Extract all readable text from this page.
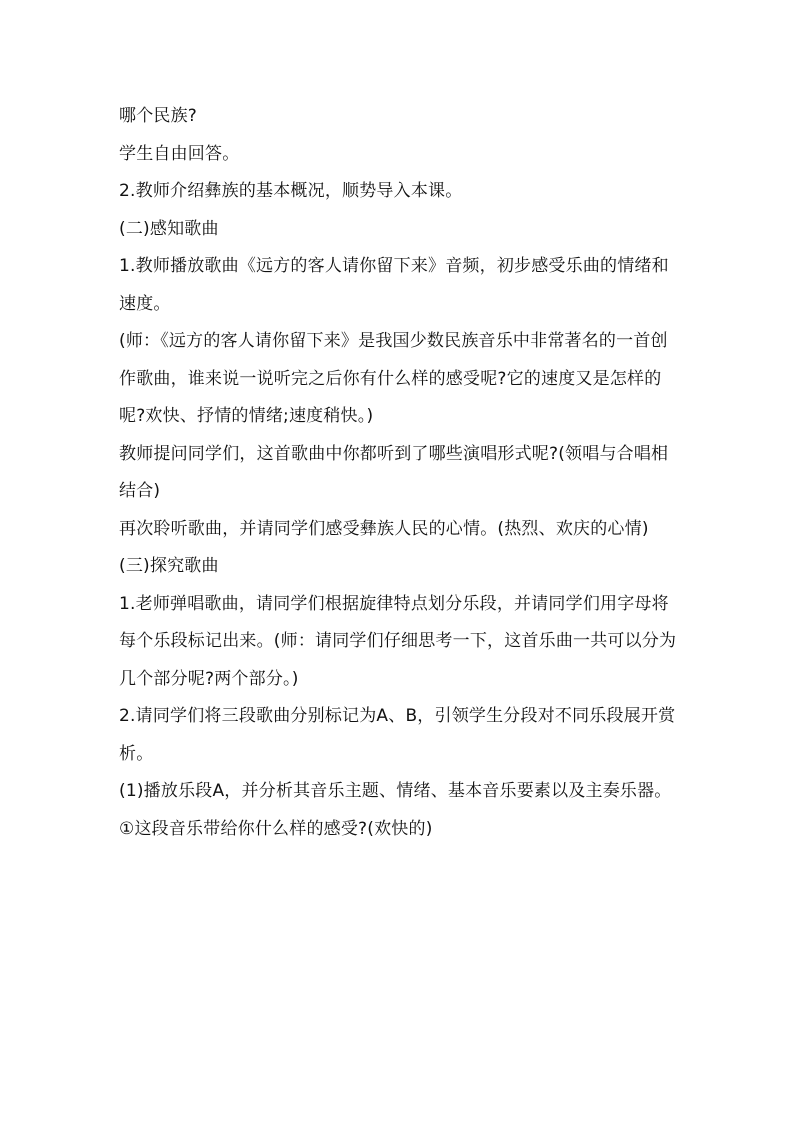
哪个民族?

学生自由回答。

2.教师介绍彝族的基本概况，顺势导入本课。

(二)感知歌曲

1.教师播放歌曲《远方的客人请你留下来》音频，初步感受乐曲的情绪和速度。

(师：《远方的客人请你留下来》是我国少数民族音乐中非常著名的一首创作歌曲，谁来说一说听完之后你有什么样的感受呢?它的速度又是怎样的呢?欢快、抒情的情绪;速度稍快。)

教师提问同学们，这首歌曲中你都听到了哪些演唱形式呢?(领唱与合唱相结合)

再次聆听歌曲，并请同学们感受彝族人民的心情。(热烈、欢庆的心情)

(三)探究歌曲

1.老师弹唱歌曲，请同学们根据旋律特点划分乐段，并请同学们用字母将每个乐段标记出来。(师：请同学们仔细思考一下，这首乐曲一共可以分为几个部分呢?两个部分。)

2.请同学们将三段歌曲分别标记为A、B，引领学生分段对不同乐段展开赏析。

(1)播放乐段A，并分析其音乐主题、情绪、基本音乐要素以及主奏乐器。

①这段音乐带给你什么样的感受?(欢快的)
